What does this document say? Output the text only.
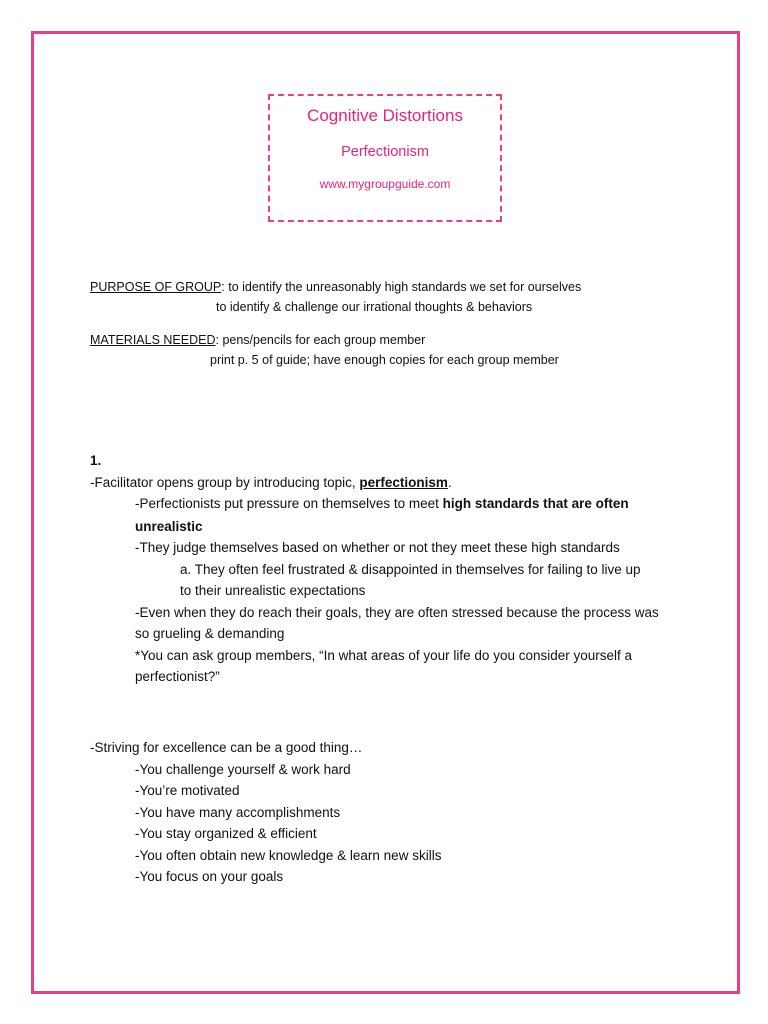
Cognitive Distortions
Perfectionism
www.mygroupguide.com
PURPOSE OF GROUP: to identify the unreasonably high standards we set for ourselves
to identify & challenge our irrational thoughts & behaviors
MATERIALS NEEDED: pens/pencils for each group member
print p. 5 of guide; have enough copies for each group member
1.
-Facilitator opens group by introducing topic, perfectionism.
-Perfectionists put pressure on themselves to meet high standards that are often
unrealistic
-They judge themselves based on whether or not they meet these high standards
a. They often feel frustrated & disappointed in themselves for failing to live up
to their unrealistic expectations
-Even when they do reach their goals, they are often stressed because the process was
so grueling & demanding
*You can ask group members, “In what areas of your life do you consider yourself a
perfectionist?”
-Striving for excellence can be a good thing…
-You challenge yourself & work hard
-You’re motivated
-You have many accomplishments
-You stay organized & efficient
-You often obtain new knowledge & learn new skills
-You focus on your goals
